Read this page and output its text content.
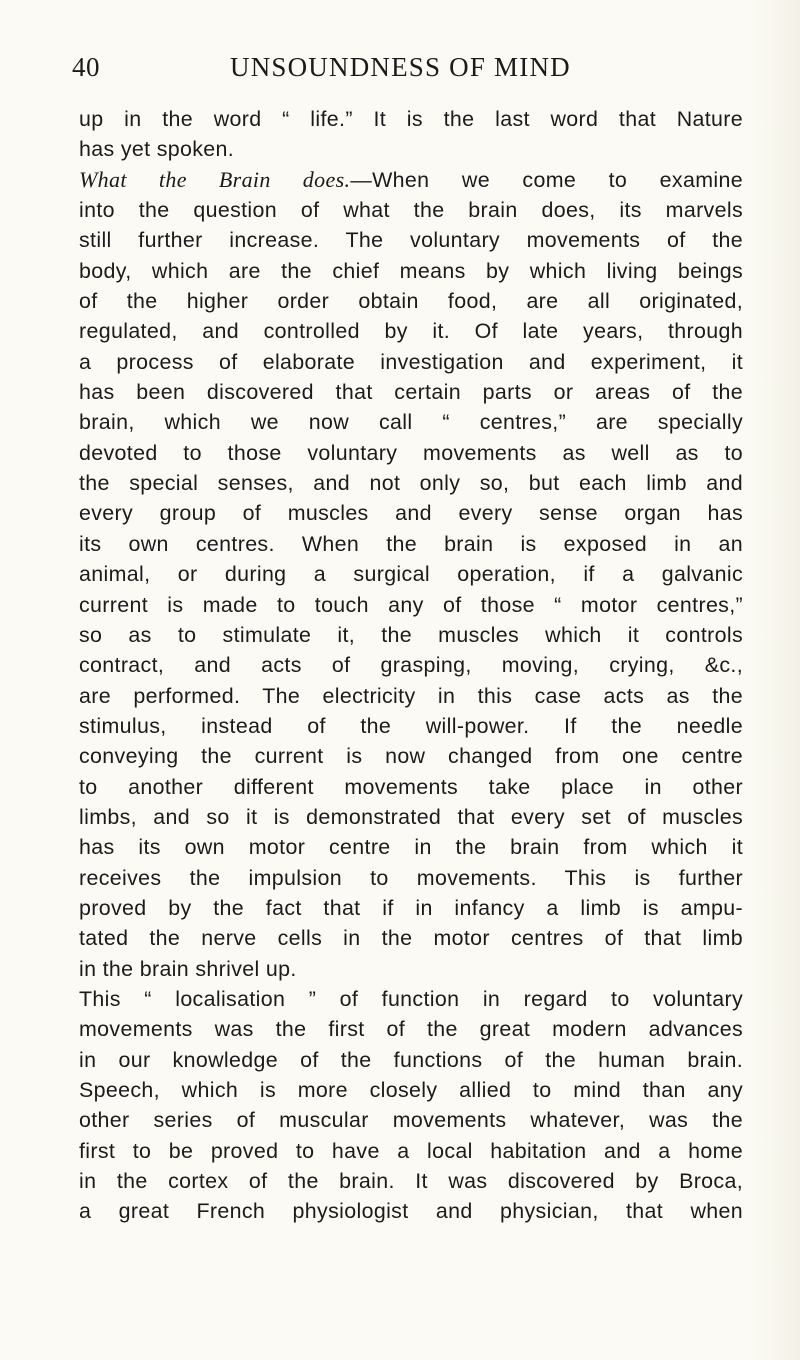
40	UNSOUNDNESS OF MIND
up in the word “ life.” It is the last word that Nature
has yet spoken.
What the Brain does.—When we come to examine
into the question of what the brain does, its marvels
still further increase. The voluntary movements of the
body, which are the chief means by which living beings
of the higher order obtain food, are all originated,
regulated, and controlled by it. Of late years, through
a process of elaborate investigation and experiment, it
has been discovered that certain parts or areas of the
brain, which we now call “ centres,” are specially
devoted to those voluntary movements as well as to
the special senses, and not only so, but each limb and
every group of muscles and every sense organ has
its own centres. When the brain is exposed in an
animal, or during a surgical operation, if a galvanic
current is made to touch any of those “ motor centres,”
so as to stimulate it, the muscles which it controls
contract, and acts of grasping, moving, crying, &c.,
are performed. The electricity in this case acts as the
stimulus, instead of the will-power. If the needle
conveying the current is now changed from one centre
to another different movements take place in other
limbs, and so it is demonstrated that every set of muscles
has its own motor centre in the brain from which it
receives the impulsion to movements. This is further
proved by the fact that if in infancy a limb is ampu-
tated the nerve cells in the motor centres of that limb
in the brain shrivel up.
This “ localisation ” of function in regard to voluntary
movements was the first of the great modern advances
in our knowledge of the functions of the human brain.
Speech, which is more closely allied to mind than any
other series of muscular movements whatever, was the
first to be proved to have a local habitation and a home
in the cortex of the brain. It was discovered by Broca,
a great French physiologist and physician, that when
